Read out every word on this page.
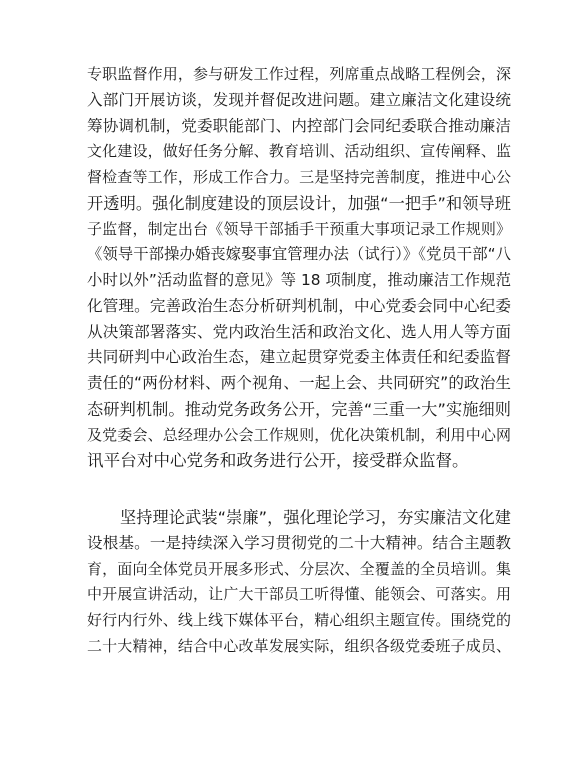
专职监督作用，参与研发工作过程，列席重点战略工程例会，深
入部门开展访谈，发现并督促改进问题。建立廉洁文化建设统
筹协调机制，党委职能部门、内控部门会同纪委联合推动廉洁
文化建设，做好任务分解、教育培训、活动组织、宣传阐释、监
督检查等工作，形成工作合力。三是坚持完善制度，推进中心公
开透明。强化制度建设的顶层设计，加强“一把手”和领导班
子监督，制定出台《领导干部插手干预重大事项记录工作规则》
《领导干部操办婚丧嫁娶事宜管理办法（试行）》《党员干部“八
小时以外”活动监督的意见》等 18 项制度，推动廉洁工作规范
化管理。完善政治生态分析研判机制，中心党委会同中心纪委
从决策部署落实、党内政治生活和政治文化、选人用人等方面
共同研判中心政治生态，建立起贯穿党委主体责任和纪委监督
责任的“两份材料、两个视角、一起上会、共同研究”的政治生
态研判机制。推动党务政务公开，完善“三重一大”实施细则
及党委会、总经理办公会工作规则，优化决策机制，利用中心网
讯平台对中心党务和政务进行公开，接受群众监督。
坚持理论武装“崇廉”，强化理论学习，夯实廉洁文化建
设根基。一是持续深入学习贯彻党的二十大精神。结合主题教
育，面向全体党员开展多形式、分层次、全覆盖的全员培训。集
中开展宣讲活动，让广大干部员工听得懂、能领会、可落实。用
好行内行外、线上线下媒体平台，精心组织主题宣传。围绕党的
二十大精神，结合中心改革发展实际，组织各级党委班子成员、
